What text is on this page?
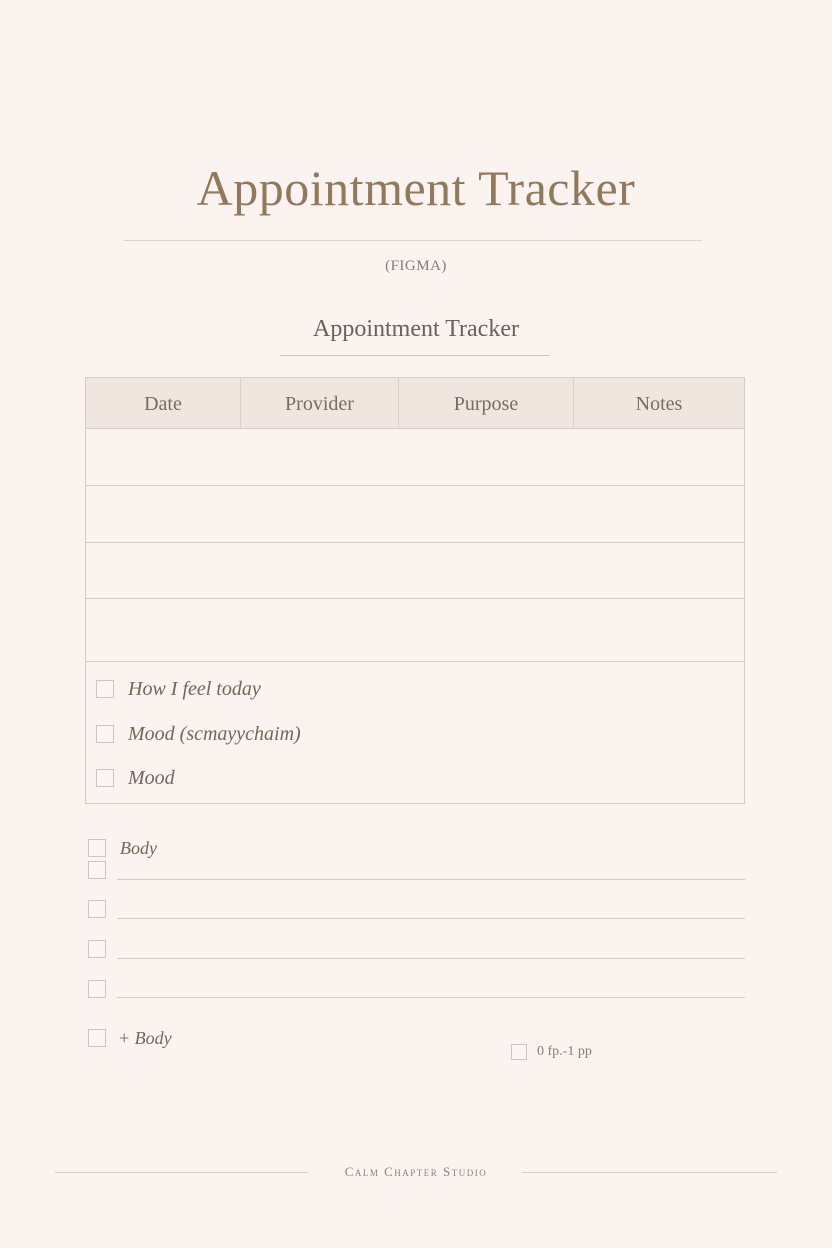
Appointment Tracker
(FIGMA)
Appointment Tracker
Date	Provider	Purpose	Notes
How I feel today
Mood (scmayychaim)
Mood
Body
+ Body
0 fp.-1 pp
Calm Chapter Studio
